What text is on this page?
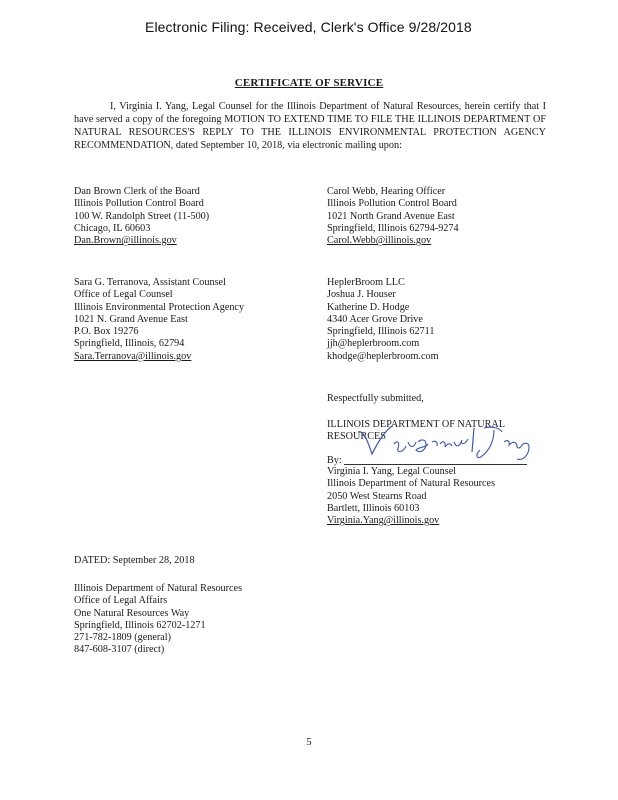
Electronic Filing: Received, Clerk's Office 9/28/2018
CERTIFICATE OF SERVICE
I, Virginia I. Yang, Legal Counsel for the Illinois Department of Natural Resources, herein certify that I have served a copy of the foregoing MOTION TO EXTEND TIME TO FILE THE ILLINOIS DEPARTMENT OF NATURAL RESOURCES'S REPLY TO THE ILLINOIS ENVIRONMENTAL PROTECTION AGENCY RECOMMENDATION, dated September 10, 2018, via electronic mailing upon:
Dan Brown Clerk of the Board
Illinois Pollution Control Board
100 W. Randolph Street (11-500)
Chicago, IL 60603
Dan.Brown@illinois.gov
Carol Webb, Hearing Officer
Illinois Pollution Control Board
1021 North Grand Avenue East
Springfield, Illinois 62794-9274
Carol.Webb@illinois.gov
Sara G. Terranova, Assistant Counsel
Office of Legal Counsel
Illinois Environmental Protection Agency
1021 N. Grand Avenue East
P.O. Box 19276
Springfield, Illinois, 62794
Sara.Terranova@illinois.gov
HeplerBroom LLC
Joshua J. Houser
Katherine D. Hodge
4340 Acer Grove Drive
Springfield, Illinois 62711
jjh@heplerbroom.com
khodge@heplerbroom.com
Respectfully submitted,
ILLINOIS DEPARTMENT OF NATURAL
RESOURCES
By:
Virginia I. Yang, Legal Counsel
Illinois Department of Natural Resources
2050 West Stearns Road
Bartlett, Illinois 60103
Virginia.Yang@illinois.gov
DATED: September 28, 2018
Illinois Department of Natural Resources
Office of Legal Affairs
One Natural Resources Way
Springfield, Illinois 62702-1271
271-782-1809 (general)
847-608-3107 (direct)
5
